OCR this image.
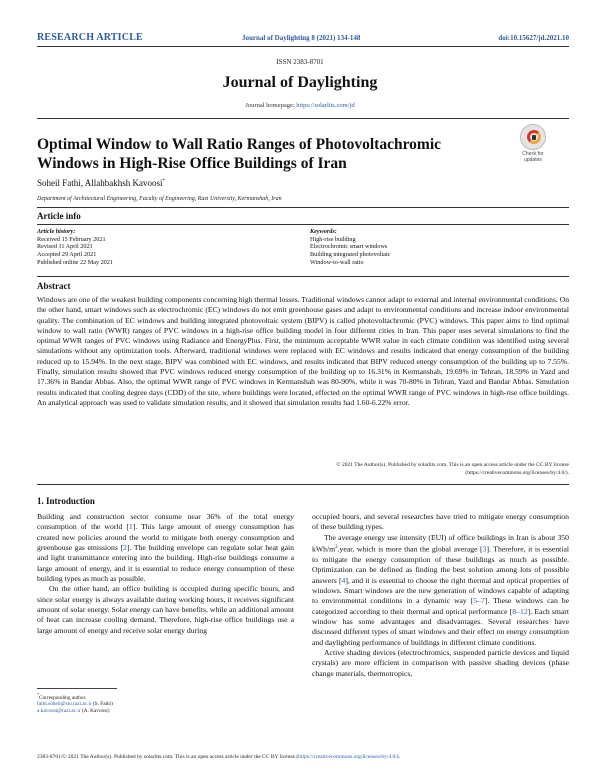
RESEARCH ARTICLE	Journal of Daylighting 8 (2021) 134-148	doi:10.15627/jd.2021.10
ISSN 2383-8701
Journal of Daylighting
Journal homepage: https://solarlits.com/jd
Optimal Window to Wall Ratio Ranges of Photovoltachromic
Windows in High-Rise Office Buildings of Iran
Check for
updates
Soheil Fathi, Allahbakhsh Kavoosi*
Department of Architectural Engineering, Faculty of Engineering, Razi University, Kermanshah, Iran
Article info
Article history:
Received 15 February 2021
Revised 11 April 2021
Accepted 29 April 2021
Published online 22 May 2021
Keywords:
High-rise building
Electrochromic smart windows
Building integrated photovoltaic
Window-to-wall ratio
Abstract
Windows are one of the weakest building components concerning high thermal losses. Traditional windows cannot adapt to external and internal environmental conditions. On the other hand, smart windows such as electrochromic (EC) windows do not emit greenhouse gases and adapt to environmental conditions and increase indoor environmental quality. The combination of EC windows and building integrated photovoltaic system (BIPV) is called photovoltachromic (PVC) windows. This paper aims to find optimal window to wall ratio (WWR) ranges of PVC windows in a high-rise office building model in four different cities in Iran. This paper uses several simulations to find the optimal WWR ranges of PVC windows using Radiance and EnergyPlus. First, the minimum acceptable WWR value in each climate condition was identified using several simulations without any optimization tools. Afterward, traditional windows were replaced with EC windows and results indicated that energy consumption of the building reduced up to 15.94%. In the next stage, BIPV was combined with EC windows, and results indicated that BIPV reduced energy consumption of the building up to 7.55%. Finally, simulation results showed that PVC windows reduced energy consumption of the building up to 16.31% in Kermanshah, 19.69% in Tehran, 18.59% in Yazd and 17.36% in Bandar Abbas. Also, the optimal WWR range of PVC windows in Kermanshah was 80-90%, while it was 70-80% in Tehran, Yazd and Bandar Abbas. Simulation results indicated that cooling degree days (CDD) of the site, where buildings were located, effected on the optimal WWR range of PVC windows in high-rise office buildings. An analytical approach was used to validate simulation results, and it showed that simulation results had 1.60-6.22% error.
© 2021 The Author(s). Published by solarlits.com. This is an open access article under the CC BY license
(https://creativecommons.org/licenses/by/4.0/).
1. Introduction

Building and construction sector consume near 36% of the total energy consumption of the world [1]. This large amount of energy consumption has created new policies around the world to mitigate both energy consumption and greenhouse gas emissions [2]. The building envelope can regulate solar heat gain and light transmittance entering into the building. High-rise buildings consume a large amount of energy, and it is essential to reduce energy consumption of these building types as much as possible.

On the other hand, an office building is occupied during specific hours, and since solar energy is always available during working hours, it receives significant amount of solar energy. Solar energy can have benefits, while an additional amount of heat can increase cooling demand. Therefore, high-rise office buildings use a large amount of energy and receive solar energy during

occupied hours, and several researches have tried to mitigate energy consumption of these building types.

The average energy use intensity (EUI) of office buildings in Iran is about 350 kWh/$m^2.year$, which is more than the global average [3]. Therefore, it is essential to mitigate the energy consumption of these buildings as much as possible. Optimization can be defined as finding the best solution among lots of possible answers [4], and it is essential to choose the right thermal and optical properties of windows. Smart windows are the new generation of windows capable of adapting to environmental conditions in a dynamic way [5–7]. These windows can be categorized according to their thermal and optical performance [8–12]. Each smart window has some advantages and disadvantages. Several researches have discussed different types of smart windows and their effect on energy consumption and daylighting performance of buildings in different climate conditions.

Active shading devices (electrochromics, suspended particle devices and liquid crystals) are more efficient in comparison with passive shading devices (phase change materials, thermotropics,

*Corresponding author.
fathi.soheil@stu.razi.ac.ir (S. Fathi)
a.kavoosi@razi.ac.ir (A. Kavoosi)
2383-8701/© 2021 The Author(s). Published by solarlits.com. This is an open access article under the CC BY license (https://creativecommons.org/licenses/by/4.0/).
